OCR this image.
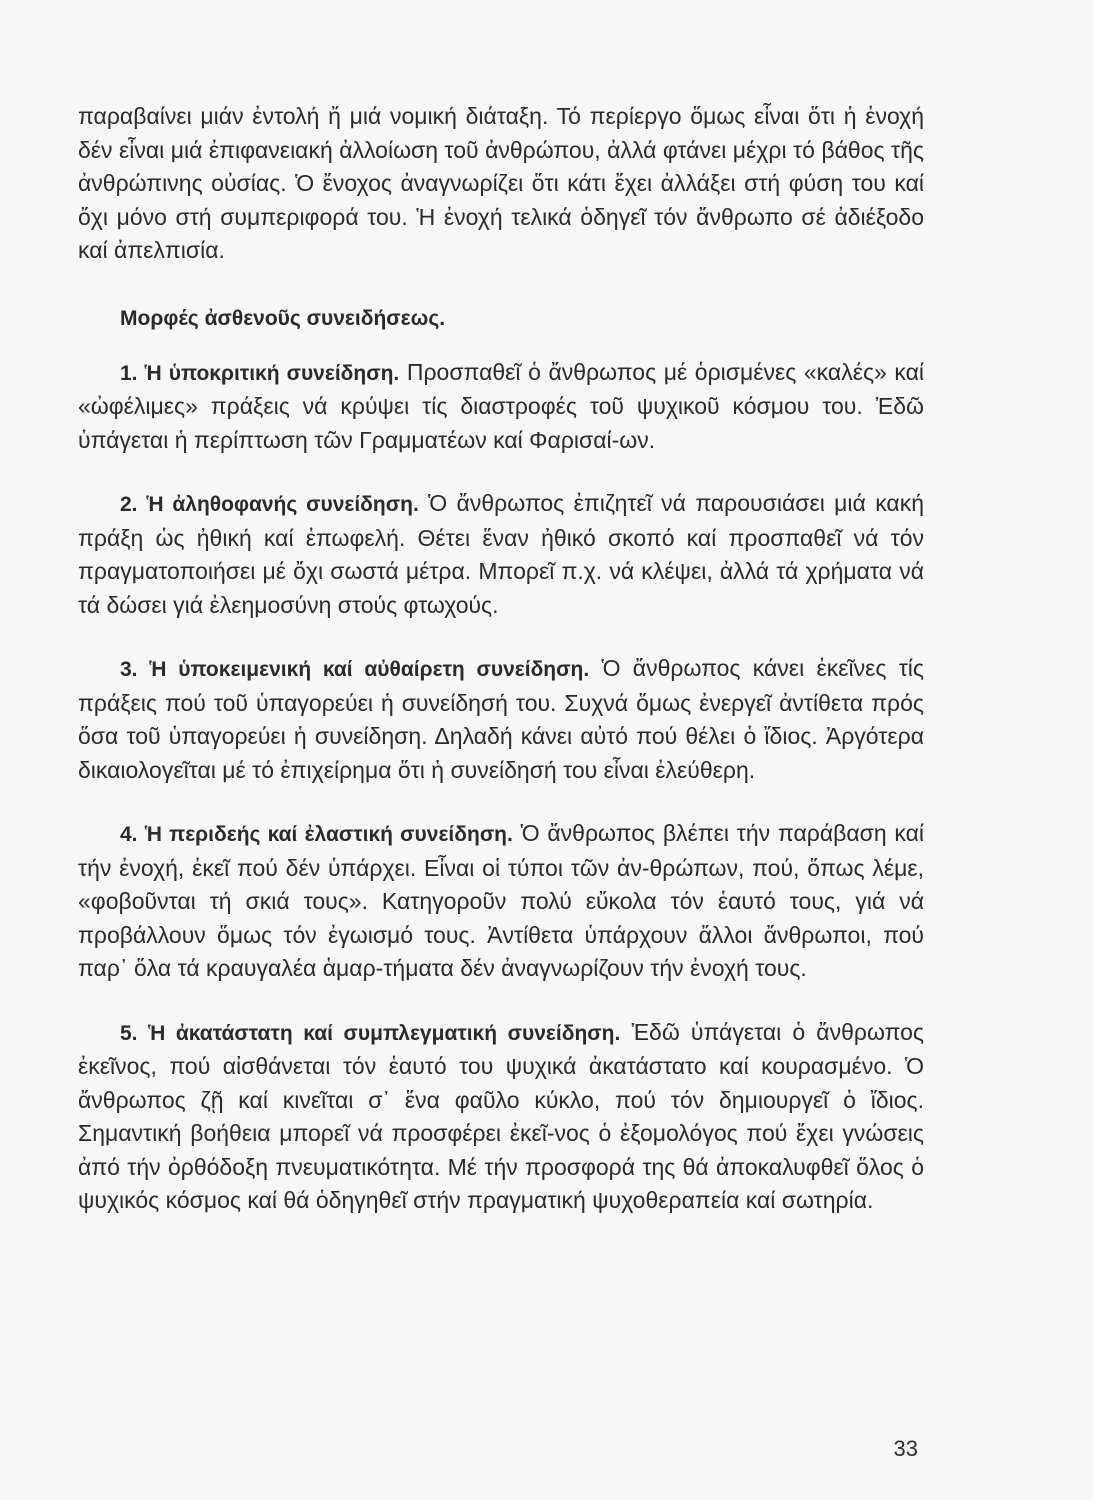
παραβαίνει μιάν ἐντολή ἤ μιά νομική διάταξη. Τό περίεργο ὅμως εἶναι ὅτι ἡ ἐνοχή δέν εἶναι μιά ἐπιφανειακή ἀλλοίωση τοῦ ἀνθρώπου, ἀλλά φτάνει μέχρι τό βάθος τῆς ἀνθρώπινης οὐσίας. Ὁ ἔνοχος ἀναγνωρίζει ὅτι κάτι ἔχει ἀλλάξει στή φύση του καί ὄχι μόνο στή συμπεριφορά του. Ἡ ἐνοχή τελικά ὁδηγεῖ τόν ἄνθρωπο σέ ἀδιέξοδο καί ἀπελπισία.

Μορφές ἀσθενοῦς συνειδήσεως.

1. Ἡ ὑποκριτική συνείδηση. Προσπαθεῖ ὁ ἄνθρωπος μέ ὁρισμένες «καλές» καί «ὠφέλιμες» πράξεις νά κρύψει τίς διαστροφές τοῦ ψυχικοῦ κόσμου του. Ἐδῶ ὑπάγεται ἡ περίπτωση τῶν Γραμματέων καί Φαρισαί-ων.

2. Ἡ ἀληθοφανής συνείδηση. Ὁ ἄνθρωπος ἐπιζητεῖ νά παρουσιάσει μιά κακή πράξη ὡς ἠθική καί ἐπωφελή. Θέτει ἕναν ἠθικό σκοπό καί προσπαθεῖ νά τόν πραγματοποιήσει μέ ὄχι σωστά μέτρα. Μπορεῖ π.χ. νά κλέψει, ἀλλά τά χρήματα νά τά δώσει γιά ἐλεημοσύνη στούς φτωχούς.

3. Ἡ ὑποκειμενική καί αὐθαίρετη συνείδηση. Ὁ ἄνθρωπος κάνει ἐκεῖνες τίς πράξεις πού τοῦ ὑπαγορεύει ἡ συνείδησή του. Συχνά ὅμως ἐνεργεῖ ἀντίθετα πρός ὅσα τοῦ ὑπαγορεύει ἡ συνείδηση. Δηλαδή κάνει αὐτό πού θέλει ὁ ἴδιος. Ἀργότερα δικαιολογεῖται μέ τό ἐπιχείρημα ὅτι ἡ συνείδησή του εἶναι ἐλεύθερη.

4. Ἡ περιδεής καί ἐλαστική συνείδηση. Ὁ ἄνθρωπος βλέπει τήν παράβαση καί τήν ἐνοχή, ἐκεῖ πού δέν ὑπάρχει. Εἶναι οἱ τύποι τῶν ἀν-θρώπων, πού, ὅπως λέμε, «φοβοῦνται τή σκιά τους». Κατηγοροῦν πολύ εὔκολα τόν ἑαυτό τους, γιά νά προβάλλουν ὅμως τόν ἐγωισμό τους. Ἀντίθετα ὑπάρχουν ἄλλοι ἄνθρωποι, πού παρ᾿ ὅλα τά κραυγαλέα ἁμαρ-τήματα δέν ἀναγνωρίζουν τήν ἐνοχή τους.

5. Ἡ ἀκατάστατη καί συμπλεγματική συνείδηση. Ἐδῶ ὑπάγεται ὁ ἄνθρωπος ἐκεῖνος, πού αἰσθάνεται τόν ἑαυτό του ψυχικά ἀκατάστατο καί κουρασμένο. Ὁ ἄνθρωπος ζῇ καί κινεῖται σ᾿ ἕνα φαῦλο κύκλο, πού τόν δημιουργεῖ ὁ ἴδιος. Σημαντική βοήθεια μπορεῖ νά προσφέρει ἐκεῖ-νος ὁ ἐξομολόγος πού ἔχει γνώσεις ἀπό τήν ὀρθόδοξη πνευματικότητα. Μέ τήν προσφορά της θά ἀποκαλυφθεῖ ὅλος ὁ ψυχικός κόσμος καί θά ὁδηγηθεῖ στήν πραγματική ψυχοθεραπεία καί σωτηρία.

33
